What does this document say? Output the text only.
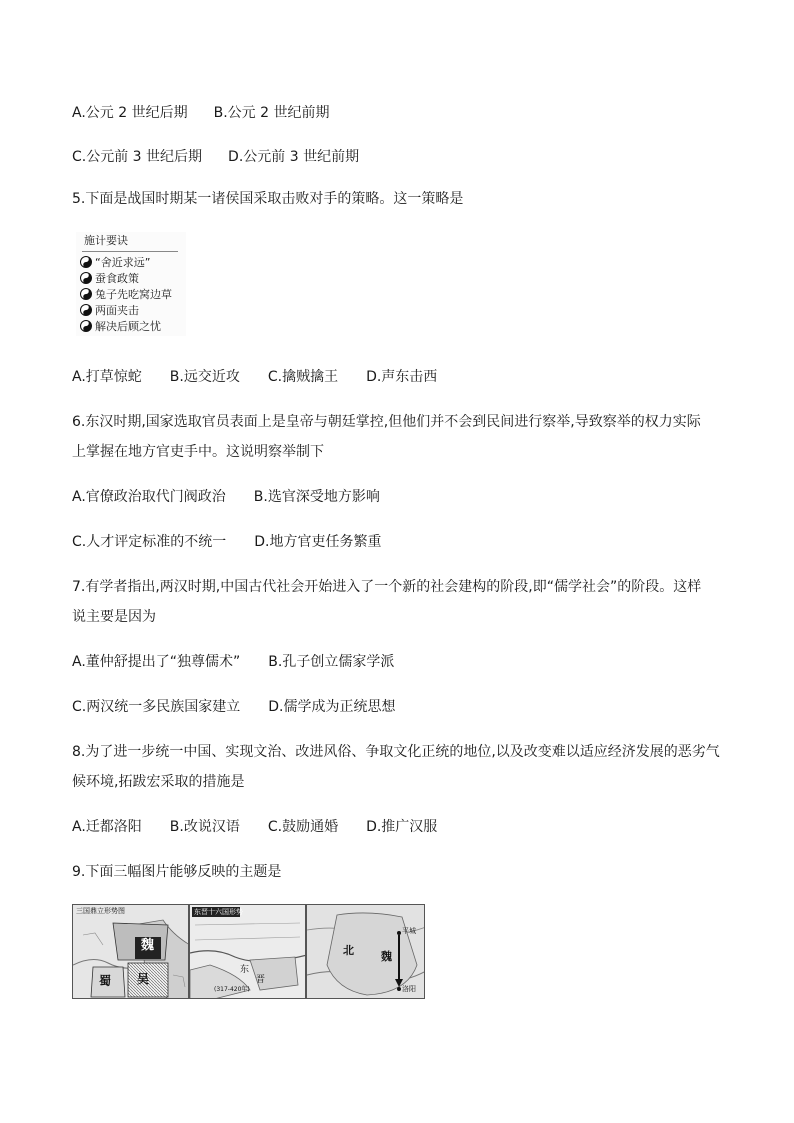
A.公元 2 世纪后期 B.公元 2 世纪前期
C.公元前 3 世纪后期 D.公元前 3 世纪前期
5.下面是战国时期某一诸侯国采取击败对手的策略。这一策略是
施计要诀
“舍近求远”
蚕食政策
兔子先吃窝边草
两面夹击
解决后顾之忧
A.打草惊蛇 B.远交近攻 C.擒贼擒王 D.声东击西
6.东汉时期,国家选取官员表面上是皇帝与朝廷掌控,但他们并不会到民间进行察举,导致察举的权力实际
上掌握在地方官吏手中。这说明察举制下
A.官僚政治取代门阀政治 B.选官深受地方影响
C.人才评定标准的不统一 D.地方官吏任务繁重
7.有学者指出,两汉时期,中国古代社会开始进入了一个新的社会建构的阶段,即“儒学社会”的阶段。这样
说主要是因为
A.董仲舒提出了“独尊儒术” B.孔子创立儒家学派
C.两汉统一多民族国家建立 D.儒学成为正统思想
8.为了进一步统一中国、实现文治、改进风俗、争取文化正统的地位,以及改变难以适应经济发展的恶劣气
候环境,拓跋宏采取的措施是
A.迁都洛阳 B.改说汉语 C.鼓励通婚 D.推广汉服
9.下面三幅图片能够反映的主题是
三国鼎立形势图
魏
蜀 吴
东晋十六国形势
东
晋
(317-420年)
北 魏
平城
洛阳
